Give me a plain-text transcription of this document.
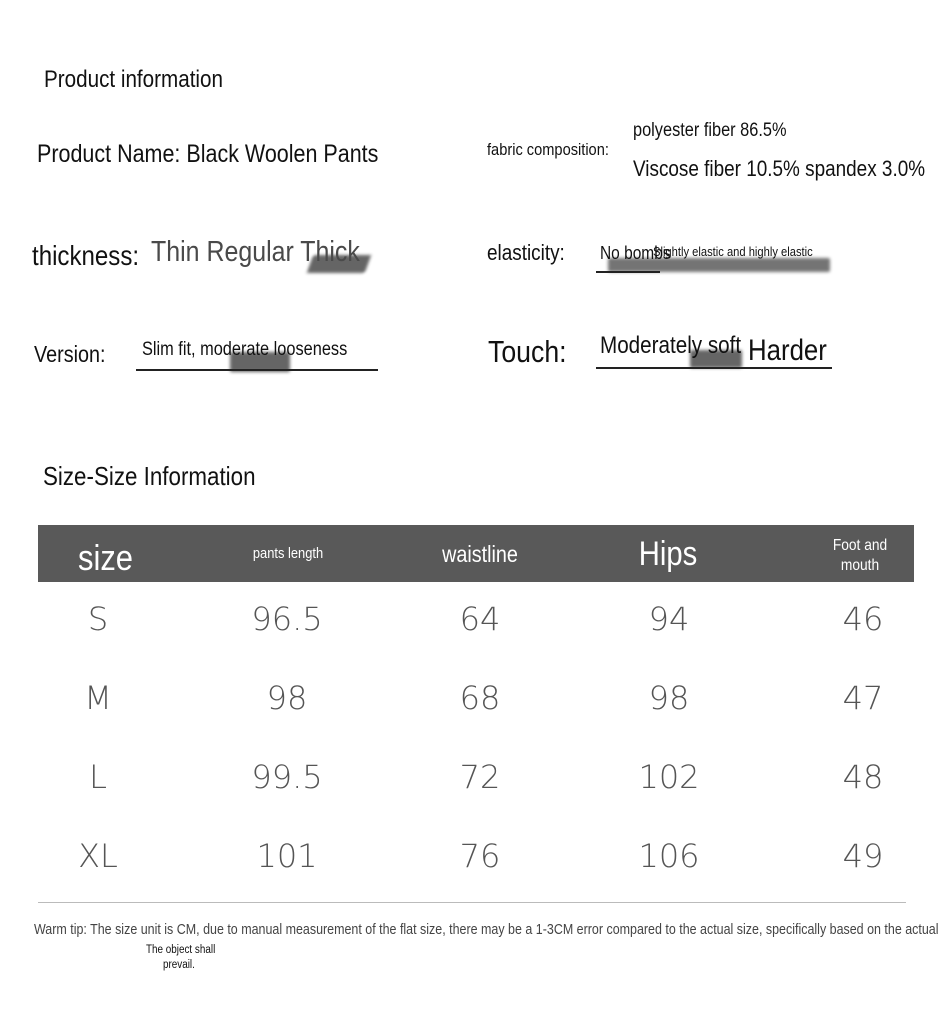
Product information
Product Name: Black Woolen Pants	fabric composition:
polyester fiber 86.5%
Viscose fiber 10.5% spandex 3.0%
thickness: Thin Regular Thick	elasticity: No bombs
Slightly elastic and highly elastic
Version: Slim fit, moderate looseness	Touch: Moderately soft Harder
Size-Size Information
size	pants length	waistline	Hips	Foot and
mouth
S	96.5	64	94	46
M	98	68	98	47
L	99.5	72	102	48
XL	101	76	106	49
Warm tip: The size unit is CM, due to manual measurement of the flat size, there may be a 1-3CM error compared to the actual size, specifically based on the actual
The object shall
prevail.
